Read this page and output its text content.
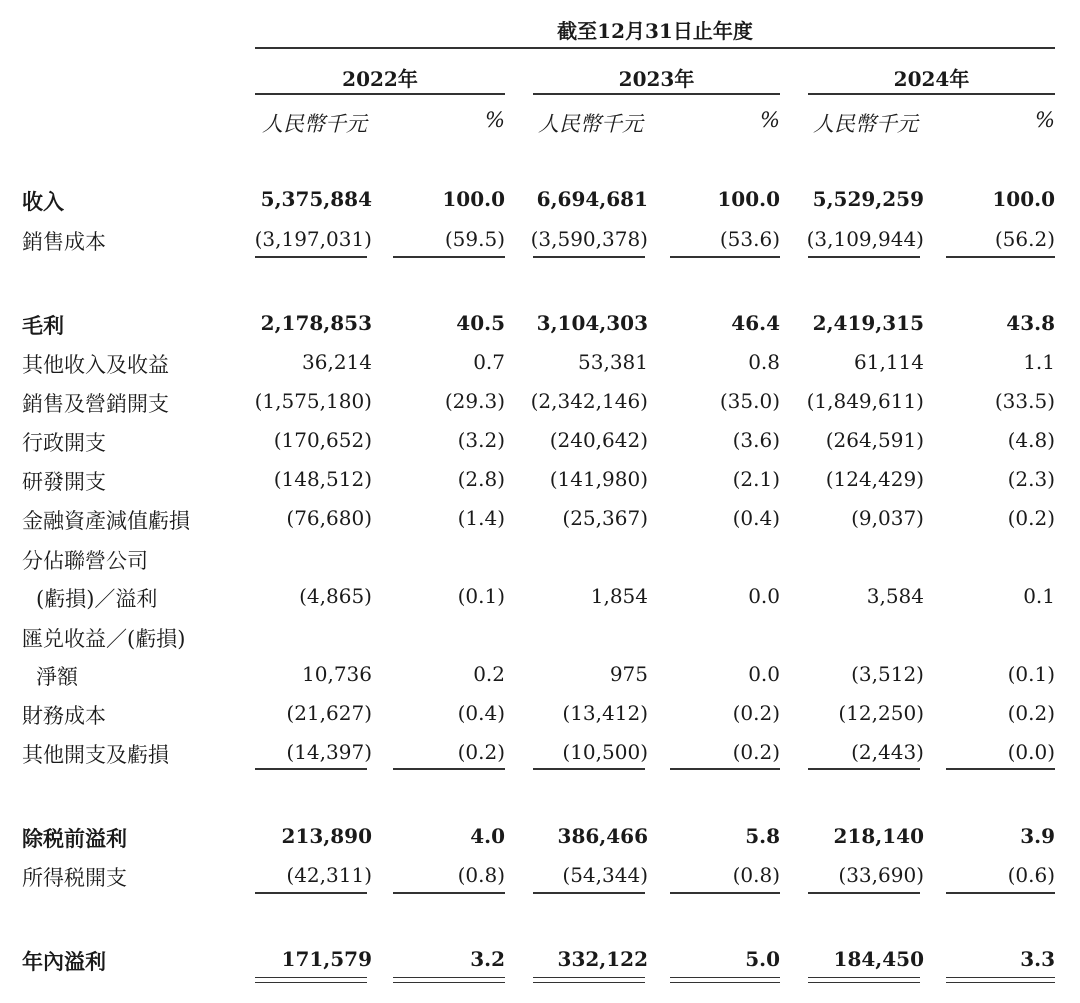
截至12月31日止年度
2022年	2023年	2024年
人民幣千元	% 人民幣千元	% 人民幣千元	%
收入	5,375,884	100.0	6,694,681	100.0	5,529,259	100.0
銷售成本	(3,197,031)	(59.5)	(3,590,378)	(53.6)	(3,109,944)	(56.2)
毛利	2,178,853	40.5	3,104,303	46.4	2,419,315	43.8
其他收入及收益	36,214	0.7	53,381	0.8	61,114	1.1
銷售及營銷開支	(1,575,180)	(29.3)	(2,342,146)	(35.0)	(1,849,611)	(33.5)
行政開支	(170,652)	(3.2)	(240,642)	(3.6)	(264,591)	(4.8)
研發開支	(148,512)	(2.8)	(141,980)	(2.1)	(124,429)	(2.3)
金融資產減值虧損	(76,680)	(1.4)	(25,367)	(0.4)	(9,037)	(0.2)
分佔聯營公司
(虧損)／溢利	(4,865)	(0.1)	1,854	0.0	3,584	0.1
匯兑收益／(虧損)
淨額	10,736	0.2	975	0.0	(3,512)	(0.1)
財務成本	(21,627)	(0.4)	(13,412)	(0.2)	(12,250)	(0.2)
其他開支及虧損	(14,397)	(0.2)	(10,500)	(0.2)	(2,443)	(0.0)
除税前溢利	213,890	4.0	386,466	5.8	218,140	3.9
所得税開支	(42,311)	(0.8)	(54,344)	(0.8)	(33,690)	(0.6)
年內溢利	171,579	3.2	332,122	5.0	184,450	3.3
